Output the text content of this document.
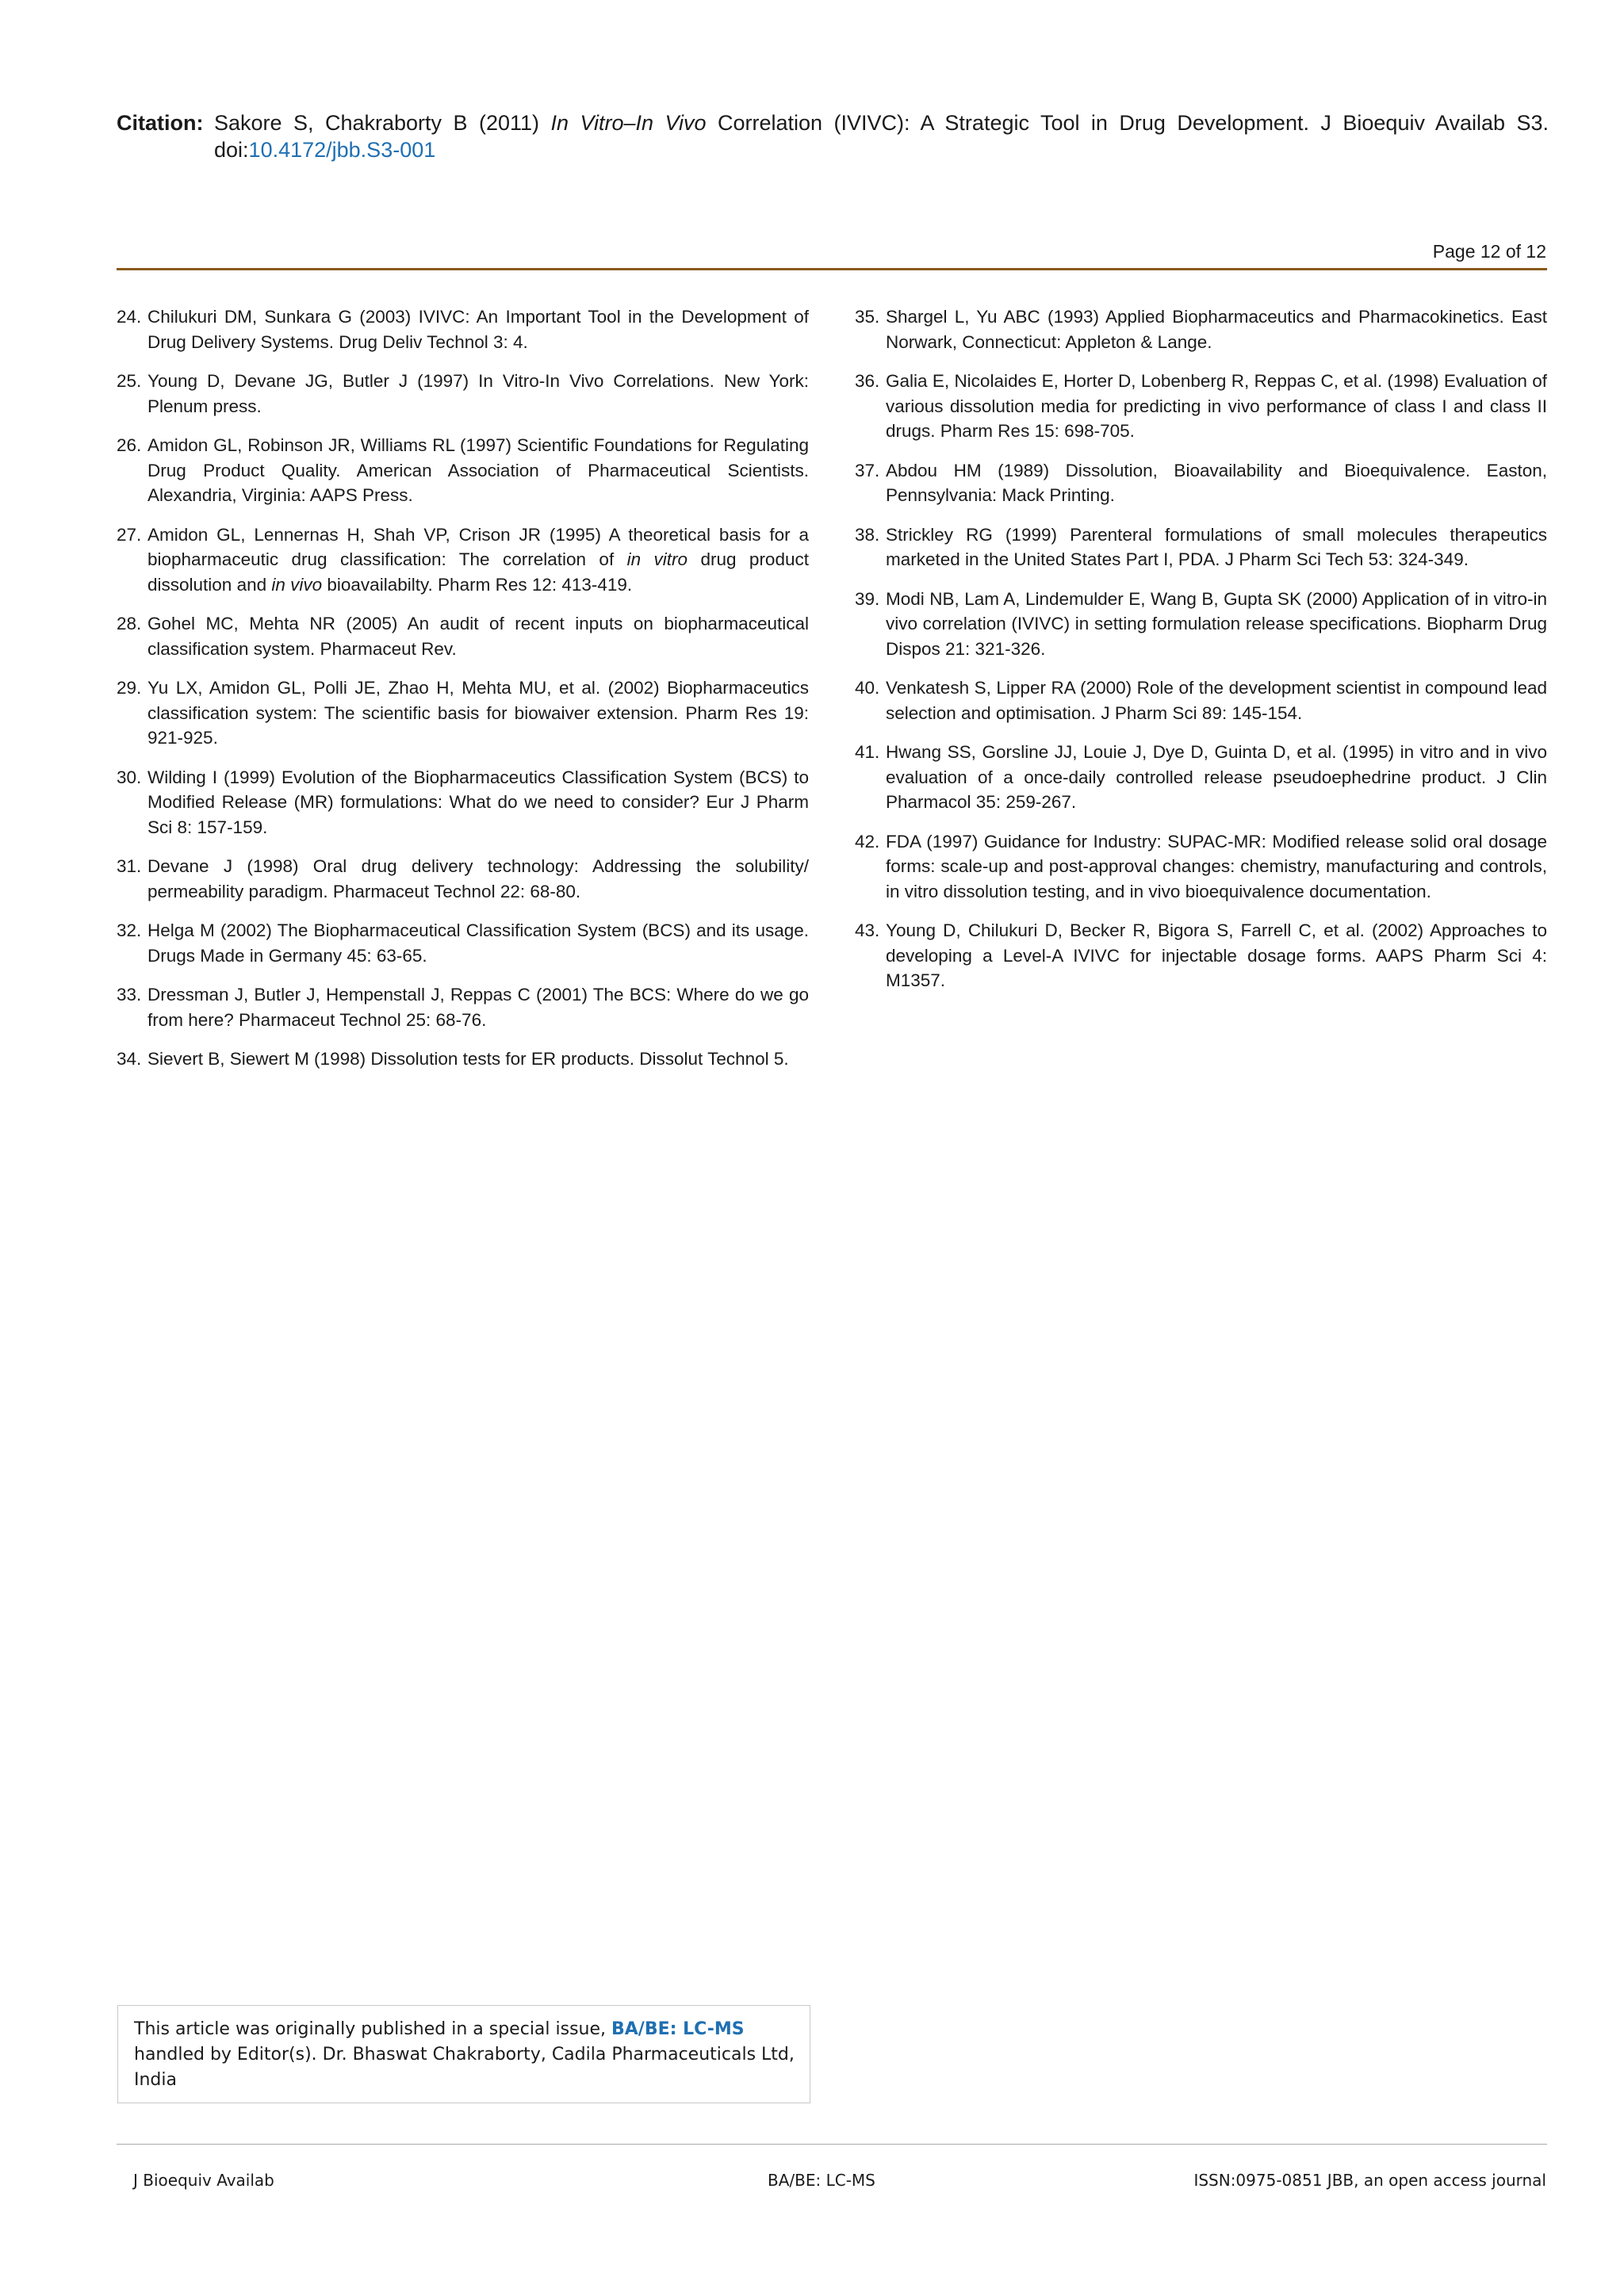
Citation: Sakore S, Chakraborty B (2011) In Vitro–In Vivo Correlation (IVIVC): A Strategic Tool in Drug Development. J Bioequiv Availab S3.
doi:10.4172/jbb.S3-001
Page 12 of 12
24. Chilukuri DM, Sunkara G (2003) IVIVC: An Important Tool in the Development of Drug Delivery Systems. Drug Deliv Technol 3: 4.
25. Young D, Devane JG, Butler J (1997) In Vitro-In Vivo Correlations. New York: Plenum press.
26. Amidon GL, Robinson JR, Williams RL (1997) Scientific Foundations for Regulating Drug Product Quality. American Association of Pharmaceutical Scientists. Alexandria, Virginia: AAPS Press.
27. Amidon GL, Lennernas H, Shah VP, Crison JR (1995) A theoretical basis for a biopharmaceutic drug classification: The correlation of in vitro drug product dissolution and in vivo bioavailabilty. Pharm Res 12: 413-419.
28. Gohel MC, Mehta NR (2005) An audit of recent inputs on biopharmaceutical classification system. Pharmaceut Rev.
29. Yu LX, Amidon GL, Polli JE, Zhao H, Mehta MU, et al. (2002) Biopharmaceutics classification system: The scientific basis for biowaiver extension. Pharm Res 19: 921-925.
30. Wilding I (1999) Evolution of the Biopharmaceutics Classification System (BCS) to Modified Release (MR) formulations: What do we need to consider? Eur J Pharm Sci 8: 157-159.
31. Devane J (1998) Oral drug delivery technology: Addressing the solubility/ permeability paradigm. Pharmaceut Technol 22: 68-80.
32. Helga M (2002) The Biopharmaceutical Classification System (BCS) and its usage. Drugs Made in Germany 45: 63-65.
33. Dressman J, Butler J, Hempenstall J, Reppas C (2001) The BCS: Where do we go from here? Pharmaceut Technol 25: 68-76.
34. Sievert B, Siewert M (1998) Dissolution tests for ER products. Dissolut Technol 5.
35. Shargel L, Yu ABC (1993) Applied Biopharmaceutics and Pharmacokinetics. East Norwark, Connecticut: Appleton & Lange.
36. Galia E, Nicolaides E, Horter D, Lobenberg R, Reppas C, et al. (1998) Evaluation of various dissolution media for predicting in vivo performance of class I and class II drugs. Pharm Res 15: 698-705.
37. Abdou HM (1989) Dissolution, Bioavailability and Bioequivalence. Easton, Pennsylvania: Mack Printing.
38. Strickley RG (1999) Parenteral formulations of small molecules therapeutics marketed in the United States Part I, PDA. J Pharm Sci Tech 53: 324-349.
39. Modi NB, Lam A, Lindemulder E, Wang B, Gupta SK (2000) Application of in vitro-in vivo correlation (IVIVC) in setting formulation release specifications. Biopharm Drug Dispos 21: 321-326.
40. Venkatesh S, Lipper RA (2000) Role of the development scientist in compound lead selection and optimisation. J Pharm Sci 89: 145-154.
41. Hwang SS, Gorsline JJ, Louie J, Dye D, Guinta D, et al. (1995) in vitro and in vivo evaluation of a once-daily controlled release pseudoephedrine product. J Clin Pharmacol 35: 259-267.
42. FDA (1997) Guidance for Industry: SUPAC-MR: Modified release solid oral dosage forms: scale-up and post-approval changes: chemistry, manufacturing and controls, in vitro dissolution testing, and in vivo bioequivalence documentation.
43. Young D, Chilukuri D, Becker R, Bigora S, Farrell C, et al. (2002) Approaches to developing a Level-A IVIVC for injectable dosage forms. AAPS Pharm Sci 4: M1357.
This article was originally published in a special issue, BA/BE: LC-MS handled by Editor(s). Dr. Bhaswat Chakraborty, Cadila Pharmaceuticals Ltd, India
J Bioequiv Availab	BA/BE: LC-MS	ISSN:0975-0851 JBB, an open access journal
